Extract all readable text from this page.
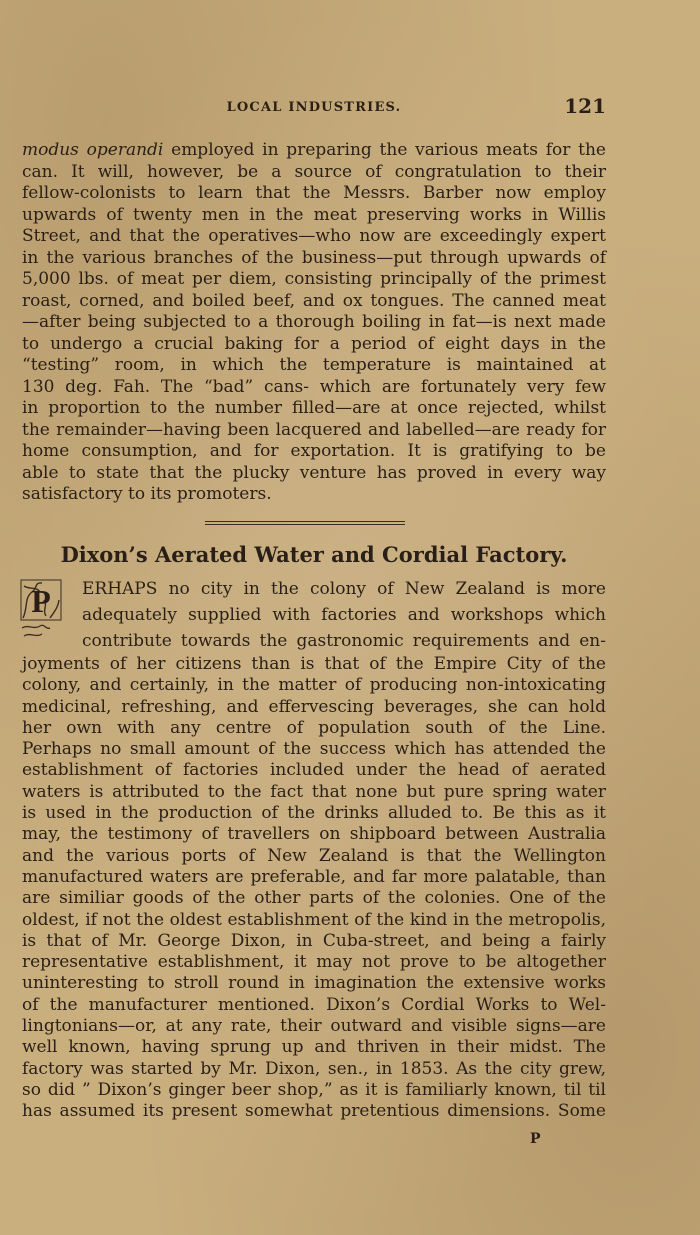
LOCAL INDUSTRIES.	121

modus operandi employed in preparing the various meats for the
can. It will, however, be a source of congratulation to their
fellow-colonists to learn that the Messrs. Barber now employ
upwards of twenty men in the meat preserving works in Willis
Street, and that the operatives—who now are exceedingly expert
in the various branches of the business—put through upwards of
5,000 lbs. of meat per diem, consisting principally of the primest
roast, corned, and boiled beef, and ox tongues. The canned meat
—after being subjected to a thorough boiling in fat—is next made
to undergo a crucial baking for a period of eight days in the
“testing” room, in which the temperature is maintained at
130 deg. Fah. The “bad” cans- which are fortunately very few
in proportion to the number filled—are at once rejected, whilst
the remainder—having been lacquered and labelled—are ready for
home consumption, and for exportation. It is gratifying to be
able to state that the plucky venture has proved in every way
satisfactory to its promoters.

Dixon’s Aerated Water and Cordial Factory.
P ERHAPS no city in the colony of New Zealand is more
adequately supplied with factories and workshops which
contribute towards the gastronomic requirements and en-

joyments of her citizens than is that of the Empire City of the
colony, and certainly, in the matter of producing non-intoxicating
medicinal, refreshing, and effervescing beverages, she can hold
her own with any centre of population south of the Line.
Perhaps no small amount of the success which has attended the
establishment of factories included under the head of aerated
waters is attributed to the fact that none but pure spring water
is used in the production of the drinks alluded to. Be this as it
may, the testimony of travellers on shipboard between Australia
and the various ports of New Zealand is that the Wellington
manufactured waters are preferable, and far more palatable, than
are similiar goods of the other parts of the colonies. One of the
oldest, if not the oldest establishment of the kind in the metropolis,
is that of Mr. George Dixon, in Cuba-street, and being a fairly
representative establishment, it may not prove to be altogether
uninteresting to stroll round in imagination the extensive works
of the manufacturer mentioned. Dixon’s Cordial Works to Wel-
lingtonians—or, at any rate, their outward and visible signs—are
well known, having sprung up and thriven in their midst. The
factory was started by Mr. Dixon, sen., in 1853. As the city grew,
so did ” Dixon’s ginger beer shop,” as it is familiarly known, til til
has assumed its present somewhat pretentious dimensions. Some

P
